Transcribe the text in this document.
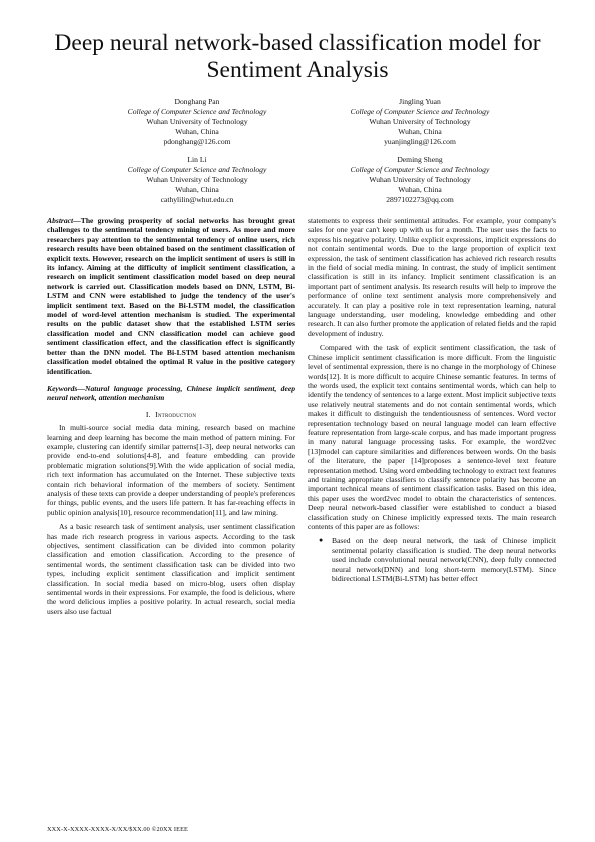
Deep neural network-based classification model for Sentiment Analysis
Donghang Pan
College of Computer Science and Technology
Wuhan University of Technology
Wuhan, China
pdonghang@126.com
Jingling Yuan
College of Computer Science and Technology
Wuhan University of Technology
Wuhan, China
yuanjingling@126.com
Lin Li
College of Computer Science and Technology
Wuhan University of Technology
Wuhan, China
cathylilin@whut.edu.cn
Deming Sheng
College of Computer Science and Technology
Wuhan University of Technology
Wuhan, China
2897102273@qq.com

Abstract—The growing prosperity of social networks has brought great challenges to the sentimental tendency mining of users. As more and more researchers pay attention to the sentimental tendency of online users, rich research results have been obtained based on the sentiment classification of explicit texts. However, research on the implicit sentiment of users is still in its infancy. Aiming at the difficulty of implicit sentiment classification, a research on implicit sentiment classification model based on deep neural network is carried out. Classification models based on DNN, LSTM, Bi-LSTM and CNN were established to judge the tendency of the user's implicit sentiment text. Based on the Bi-LSTM model, the classification model of word-level attention mechanism is studied. The experimental results on the public dataset show that the established LSTM series classification model and CNN classification model can achieve good sentiment classification effect, and the classification effect is significantly better than the DNN model. The Bi-LSTM based attention mechanism classification model obtained the optimal R value in the positive category identification.

Keywords—Natural language processing, Chinese implicit sentiment, deep neural network, attention mechanism

I. Introduction

In multi-source social media data mining, research based on machine learning and deep learning has become the main method of pattern mining. For example, clustering can identify similar patterns[1-3], deep neural networks can provide end-to-end solutions[4-8], and feature embedding can provide problematic migration solutions[9].With the wide application of social media, rich text information has accumulated on the Internet. These subjective texts contain rich behavioral information of the members of society. Sentiment analysis of these texts can provide a deeper understanding of people's preferences for things, public events, and the users life pattern. It has far-reaching effects in public opinion analysis[10], resource recommendation[11], and law mining.

As a basic research task of sentiment analysis, user sentiment classification has made rich research progress in various aspects. According to the task objectives, sentiment classification can be divided into common polarity classification and emotion classification. According to the presence of sentimental words, the sentiment classification task can be divided into two types, including explicit sentiment classification and implicit sentiment classification. In social media based on micro-blog, users often display sentimental words in their expressions. For example, the food is delicious, where the word delicious implies a positive polarity. In actual research, social media users also use factual

statements to express their sentimental attitudes. For example, your company's sales for one year can't keep up with us for a month. The user uses the facts to express his negative polarity. Unlike explicit expressions, implicit expressions do not contain sentimental words. Due to the large proportion of explicit text expression, the task of sentiment classification has achieved rich research results in the field of social media mining. In contrast, the study of implicit sentiment classification is still in its infancy. Implicit sentiment classification is an important part of sentiment analysis. Its research results will help to improve the performance of online text sentiment analysis more comprehensively and accurately. It can play a positive role in text representation learning, natural language understanding, user modeling, knowledge embedding and other research. It can also further promote the application of related fields and the rapid development of industry.

Compared with the task of explicit sentiment classification, the task of Chinese implicit sentiment classification is more difficult. From the linguistic level of sentimental expression, there is no change in the morphology of Chinese words[12]. It is more difficult to acquire Chinese semantic features. In terms of the words used, the explicit text contains sentimental words, which can help to identify the tendency of sentences to a large extent. Most implicit subjective texts use relatively neutral statements and do not contain sentimental words, which makes it difficult to distinguish the tendentiousness of sentences. Word vector representation technology based on neural language model can learn effective feature representation from large-scale corpus, and has made important progress in many natural language processing tasks. For example, the word2vec [13]model can capture similarities and differences between words. On the basis of the literature, the paper [14]proposes a sentence-level text feature representation method. Using word embedding technology to extract text features and training appropriate classifiers to classify sentence polarity has become an important technical means of sentiment classification tasks. Based on this idea, this paper uses the word2vec model to obtain the characteristics of sentences. Deep neural network-based classifier were established to conduct a biased classification study on Chinese implicitly expressed texts. The main research contents of this paper are as follows:

● Based on the deep neural network, the task of Chinese implicit sentimental polarity classification is studied. The deep neural networks used include convolutional neural network(CNN), deep fully connected neural network(DNN) and long short-term memory(LSTM). Since bidirectional LSTM(Bi-LSTM) has better effect
XXX-X-XXXX-XXXX-X/XX/$XX.00 ©20XX IEEE
